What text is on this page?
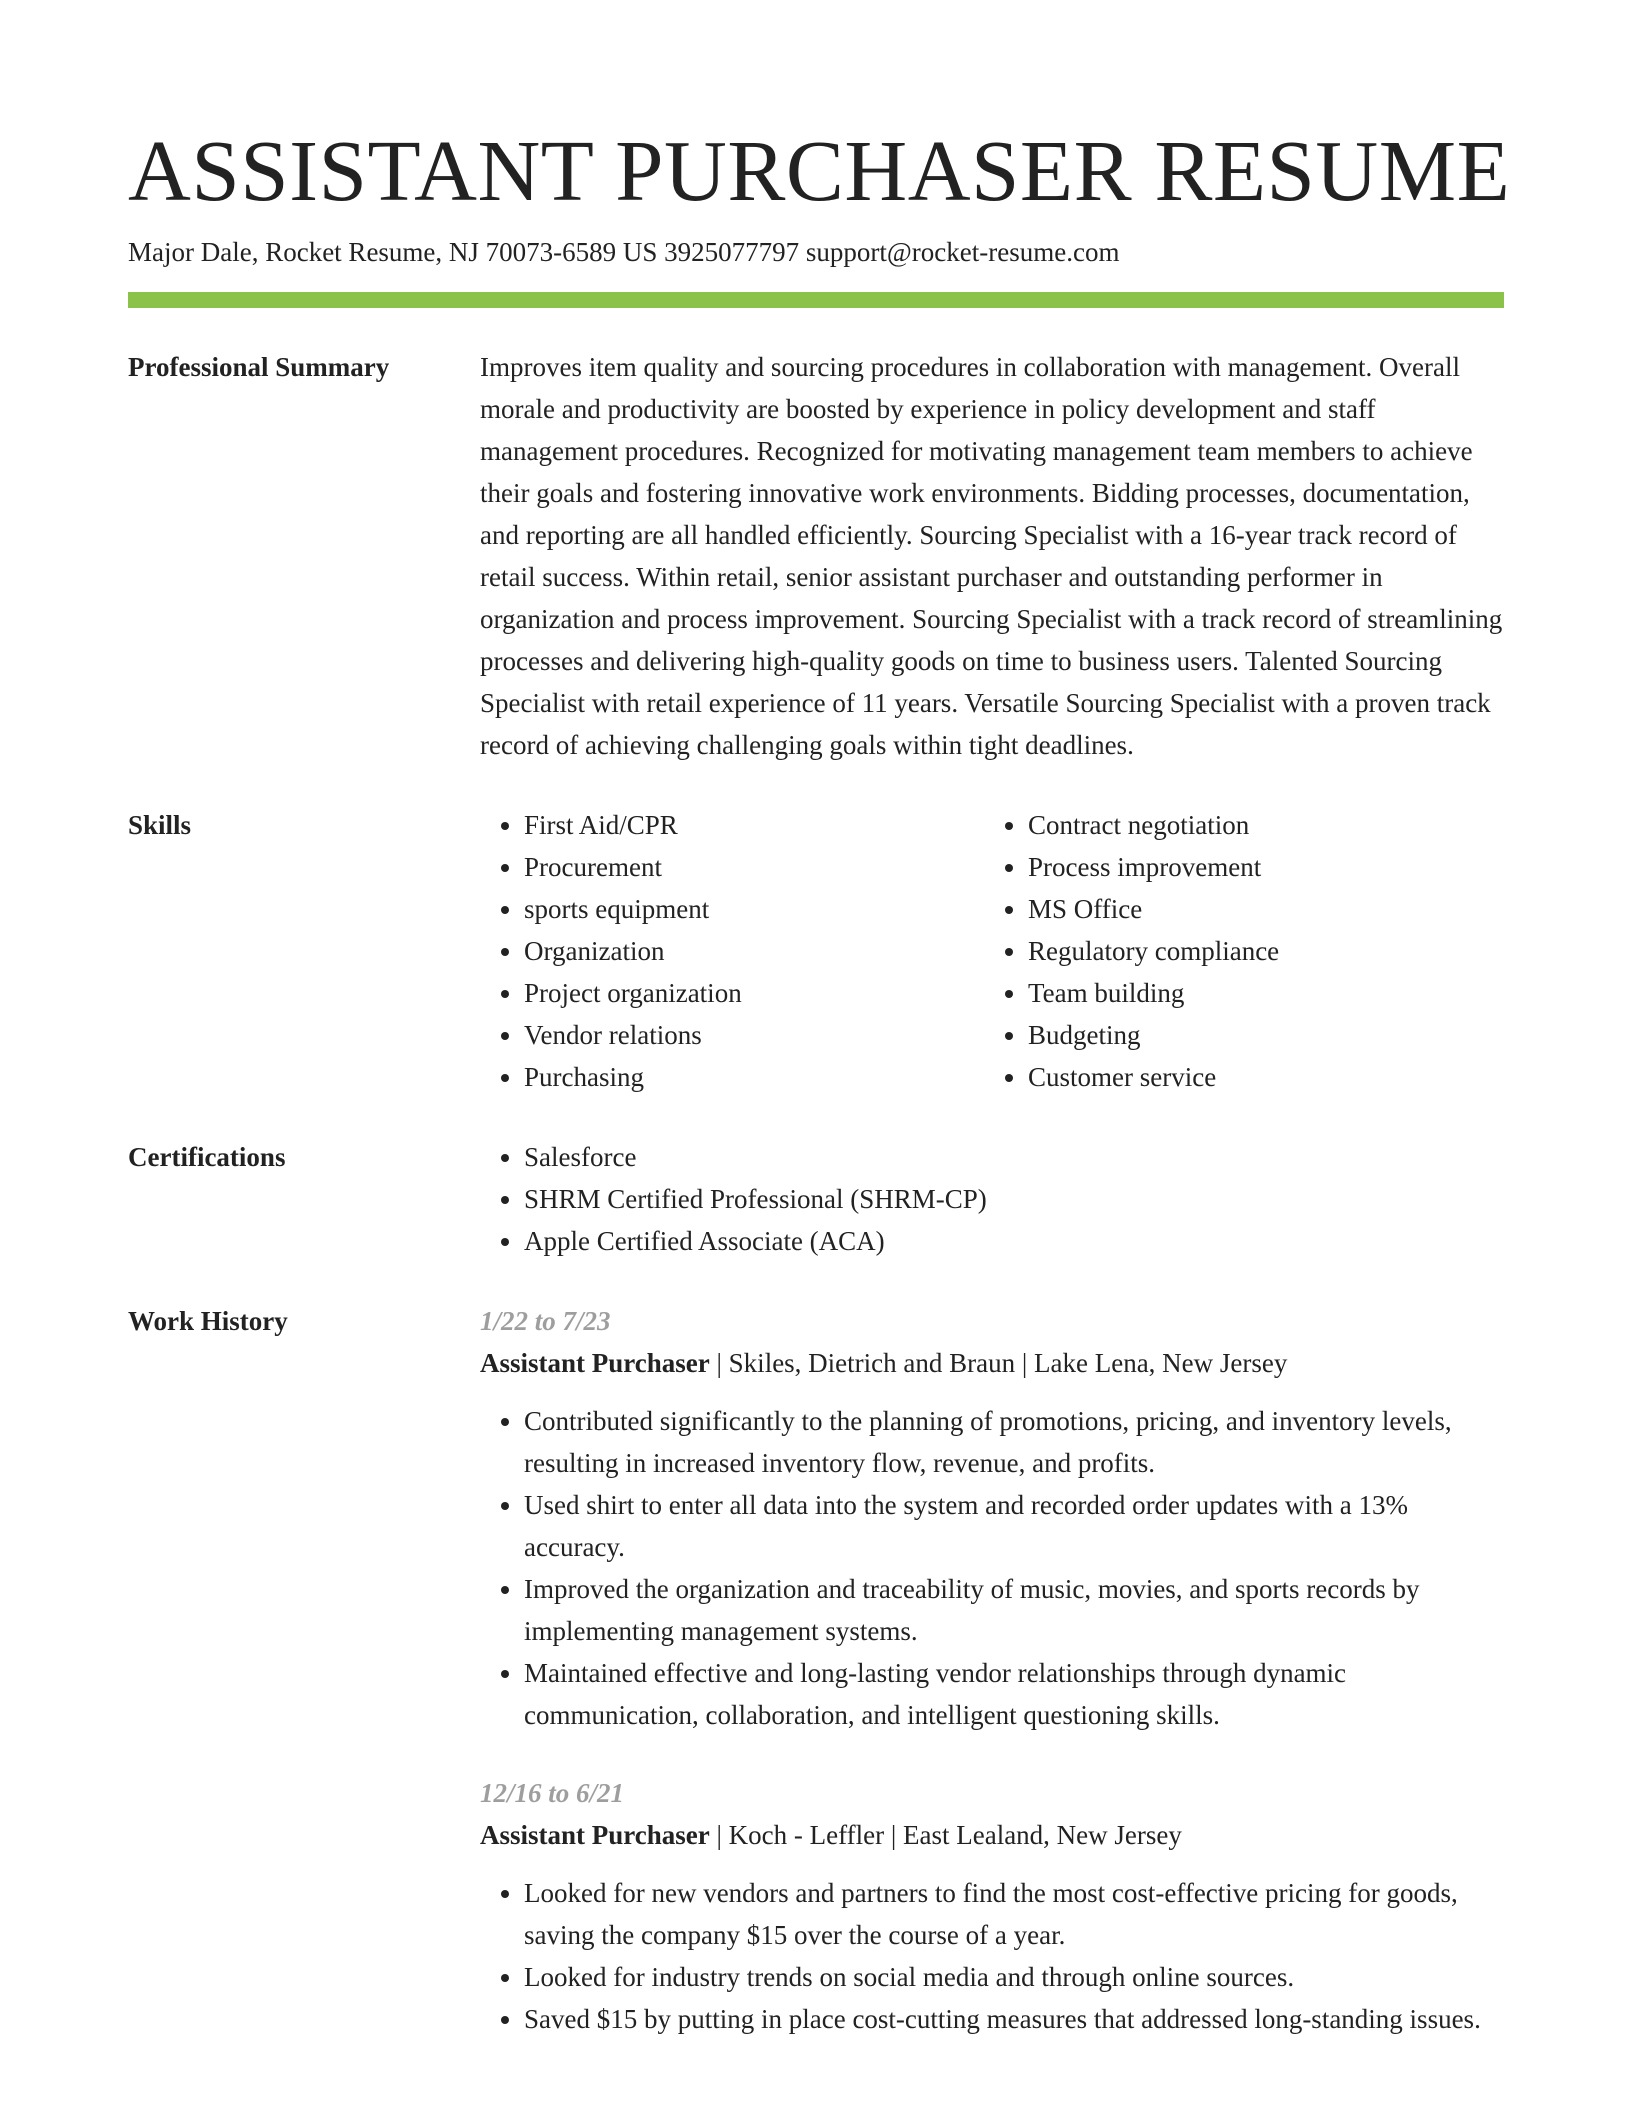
ASSISTANT PURCHASER RESUME
Major Dale, Rocket Resume, NJ 70073-6589 US 3925077797 support@rocket-resume.com
Professional Summary	Improves item quality and sourcing procedures in collaboration with management. Overall morale and productivity are boosted by experience in policy development and staff management procedures. Recognized for motivating management team members to achieve their goals and fostering innovative work environments. Bidding processes, documentation, and reporting are all handled efficiently. Sourcing Specialist with a 16-year track record of retail success. Within retail, senior assistant purchaser and outstanding performer in organization and process improvement. Sourcing Specialist with a track record of streamlining processes and delivering high-quality goods on time to business users. Talented Sourcing Specialist with retail experience of 11 years. Versatile Sourcing Specialist with a proven track record of achieving challenging goals within tight deadlines.

Skills	• First Aid/CPR
• Procurement
• sports equipment
• Organization
• Project organization
• Vendor relations
• Purchasing
• Contract negotiation
• Process improvement
• MS Office
• Regulatory compliance
• Team building
• Budgeting
• Customer service
Certifications	• Salesforce
• SHRM Certified Professional (SHRM-CP)
• Apple Certified Associate (ACA)
Work History	1/22 to 7/23
Assistant Purchaser | Skiles, Dietrich and Braun | Lake Lena, New Jersey
• Contributed significantly to the planning of promotions, pricing, and inventory levels, resulting in increased inventory flow, revenue, and profits.
• Used shirt to enter all data into the system and recorded order updates with a 13% accuracy.
• Improved the organization and traceability of music, movies, and sports records by implementing management systems.
• Maintained effective and long-lasting vendor relationships through dynamic communication, collaboration, and intelligent questioning skills.
12/16 to 6/21
Assistant Purchaser | Koch - Leffler | East Lealand, New Jersey
• Looked for new vendors and partners to find the most cost-effective pricing for goods, saving the company $15 over the course of a year.
• Looked for industry trends on social media and through online sources.
• Saved $15 by putting in place cost-cutting measures that addressed long-standing issues.
